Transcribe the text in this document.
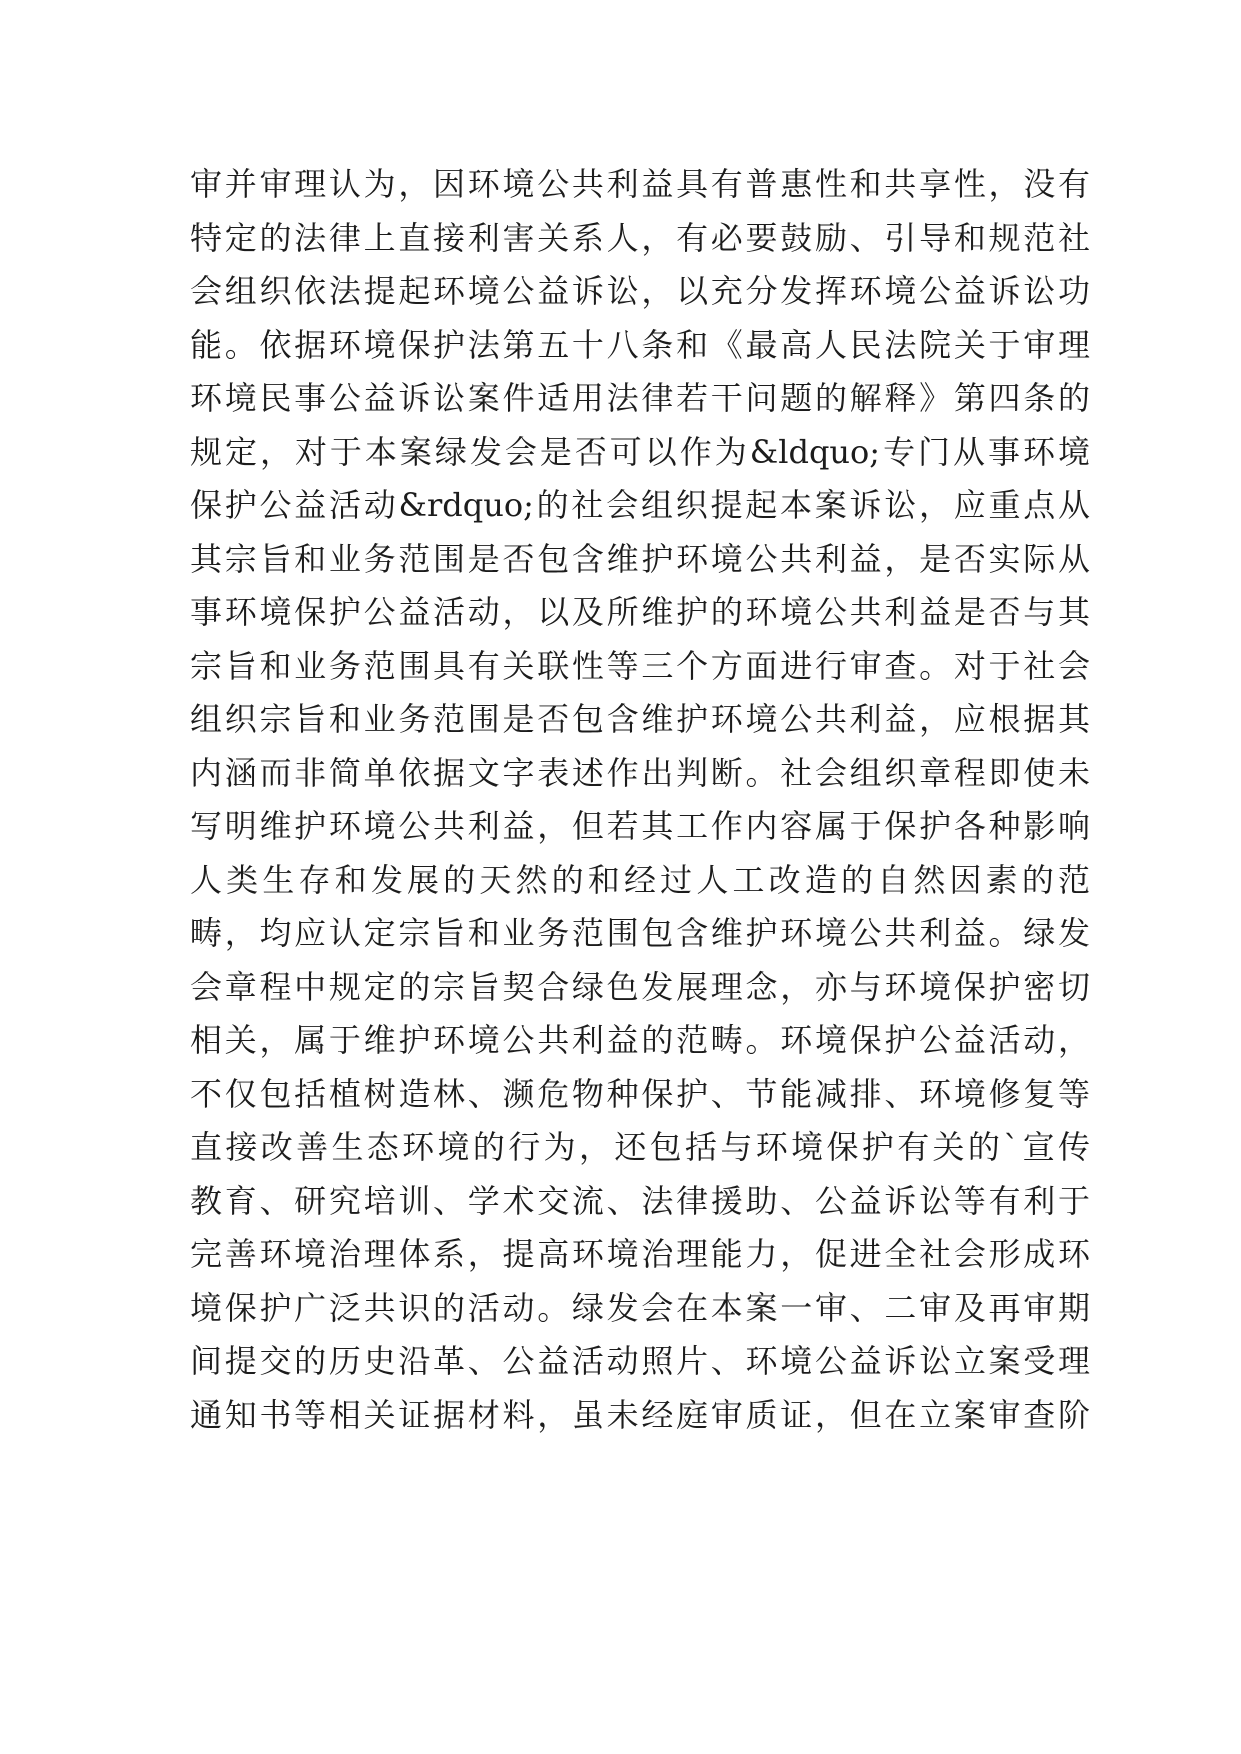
审并审理认为，因环境公共利益具有普惠性和共享性，没有
特定的法律上直接利害关系人，有必要鼓励、引导和规范社
会组织依法提起环境公益诉讼，以充分发挥环境公益诉讼功
能。依据环境保护法第五十八条和《最高人民法院关于审理
环境民事公益诉讼案件适用法律若干问题的解释》第四条的
规定，对于本案绿发会是否可以作为&ldquo;专门从事环境
保护公益活动&rdquo;的社会组织提起本案诉讼，应重点从
其宗旨和业务范围是否包含维护环境公共利益，是否实际从
事环境保护公益活动，以及所维护的环境公共利益是否与其
宗旨和业务范围具有关联性等三个方面进行审查。对于社会
组织宗旨和业务范围是否包含维护环境公共利益，应根据其
内涵而非简单依据文字表述作出判断。社会组织章程即使未
写明维护环境公共利益，但若其工作内容属于保护各种影响
人类生存和发展的天然的和经过人工改造的自然因素的范
畴，均应认定宗旨和业务范围包含维护环境公共利益。绿发
会章程中规定的宗旨契合绿色发展理念，亦与环境保护密切
相关，属于维护环境公共利益的范畴。环境保护公益活动，
不仅包括植树造林、濒危物种保护、节能减排、环境修复等
直接改善生态环境的行为，还包括与环境保护有关的`宣传
教育、研究培训、学术交流、法律援助、公益诉讼等有利于
完善环境治理体系，提高环境治理能力，促进全社会形成环
境保护广泛共识的活动。绿发会在本案一审、二审及再审期
间提交的历史沿革、公益活动照片、环境公益诉讼立案受理
通知书等相关证据材料，虽未经庭审质证，但在立案审查阶
